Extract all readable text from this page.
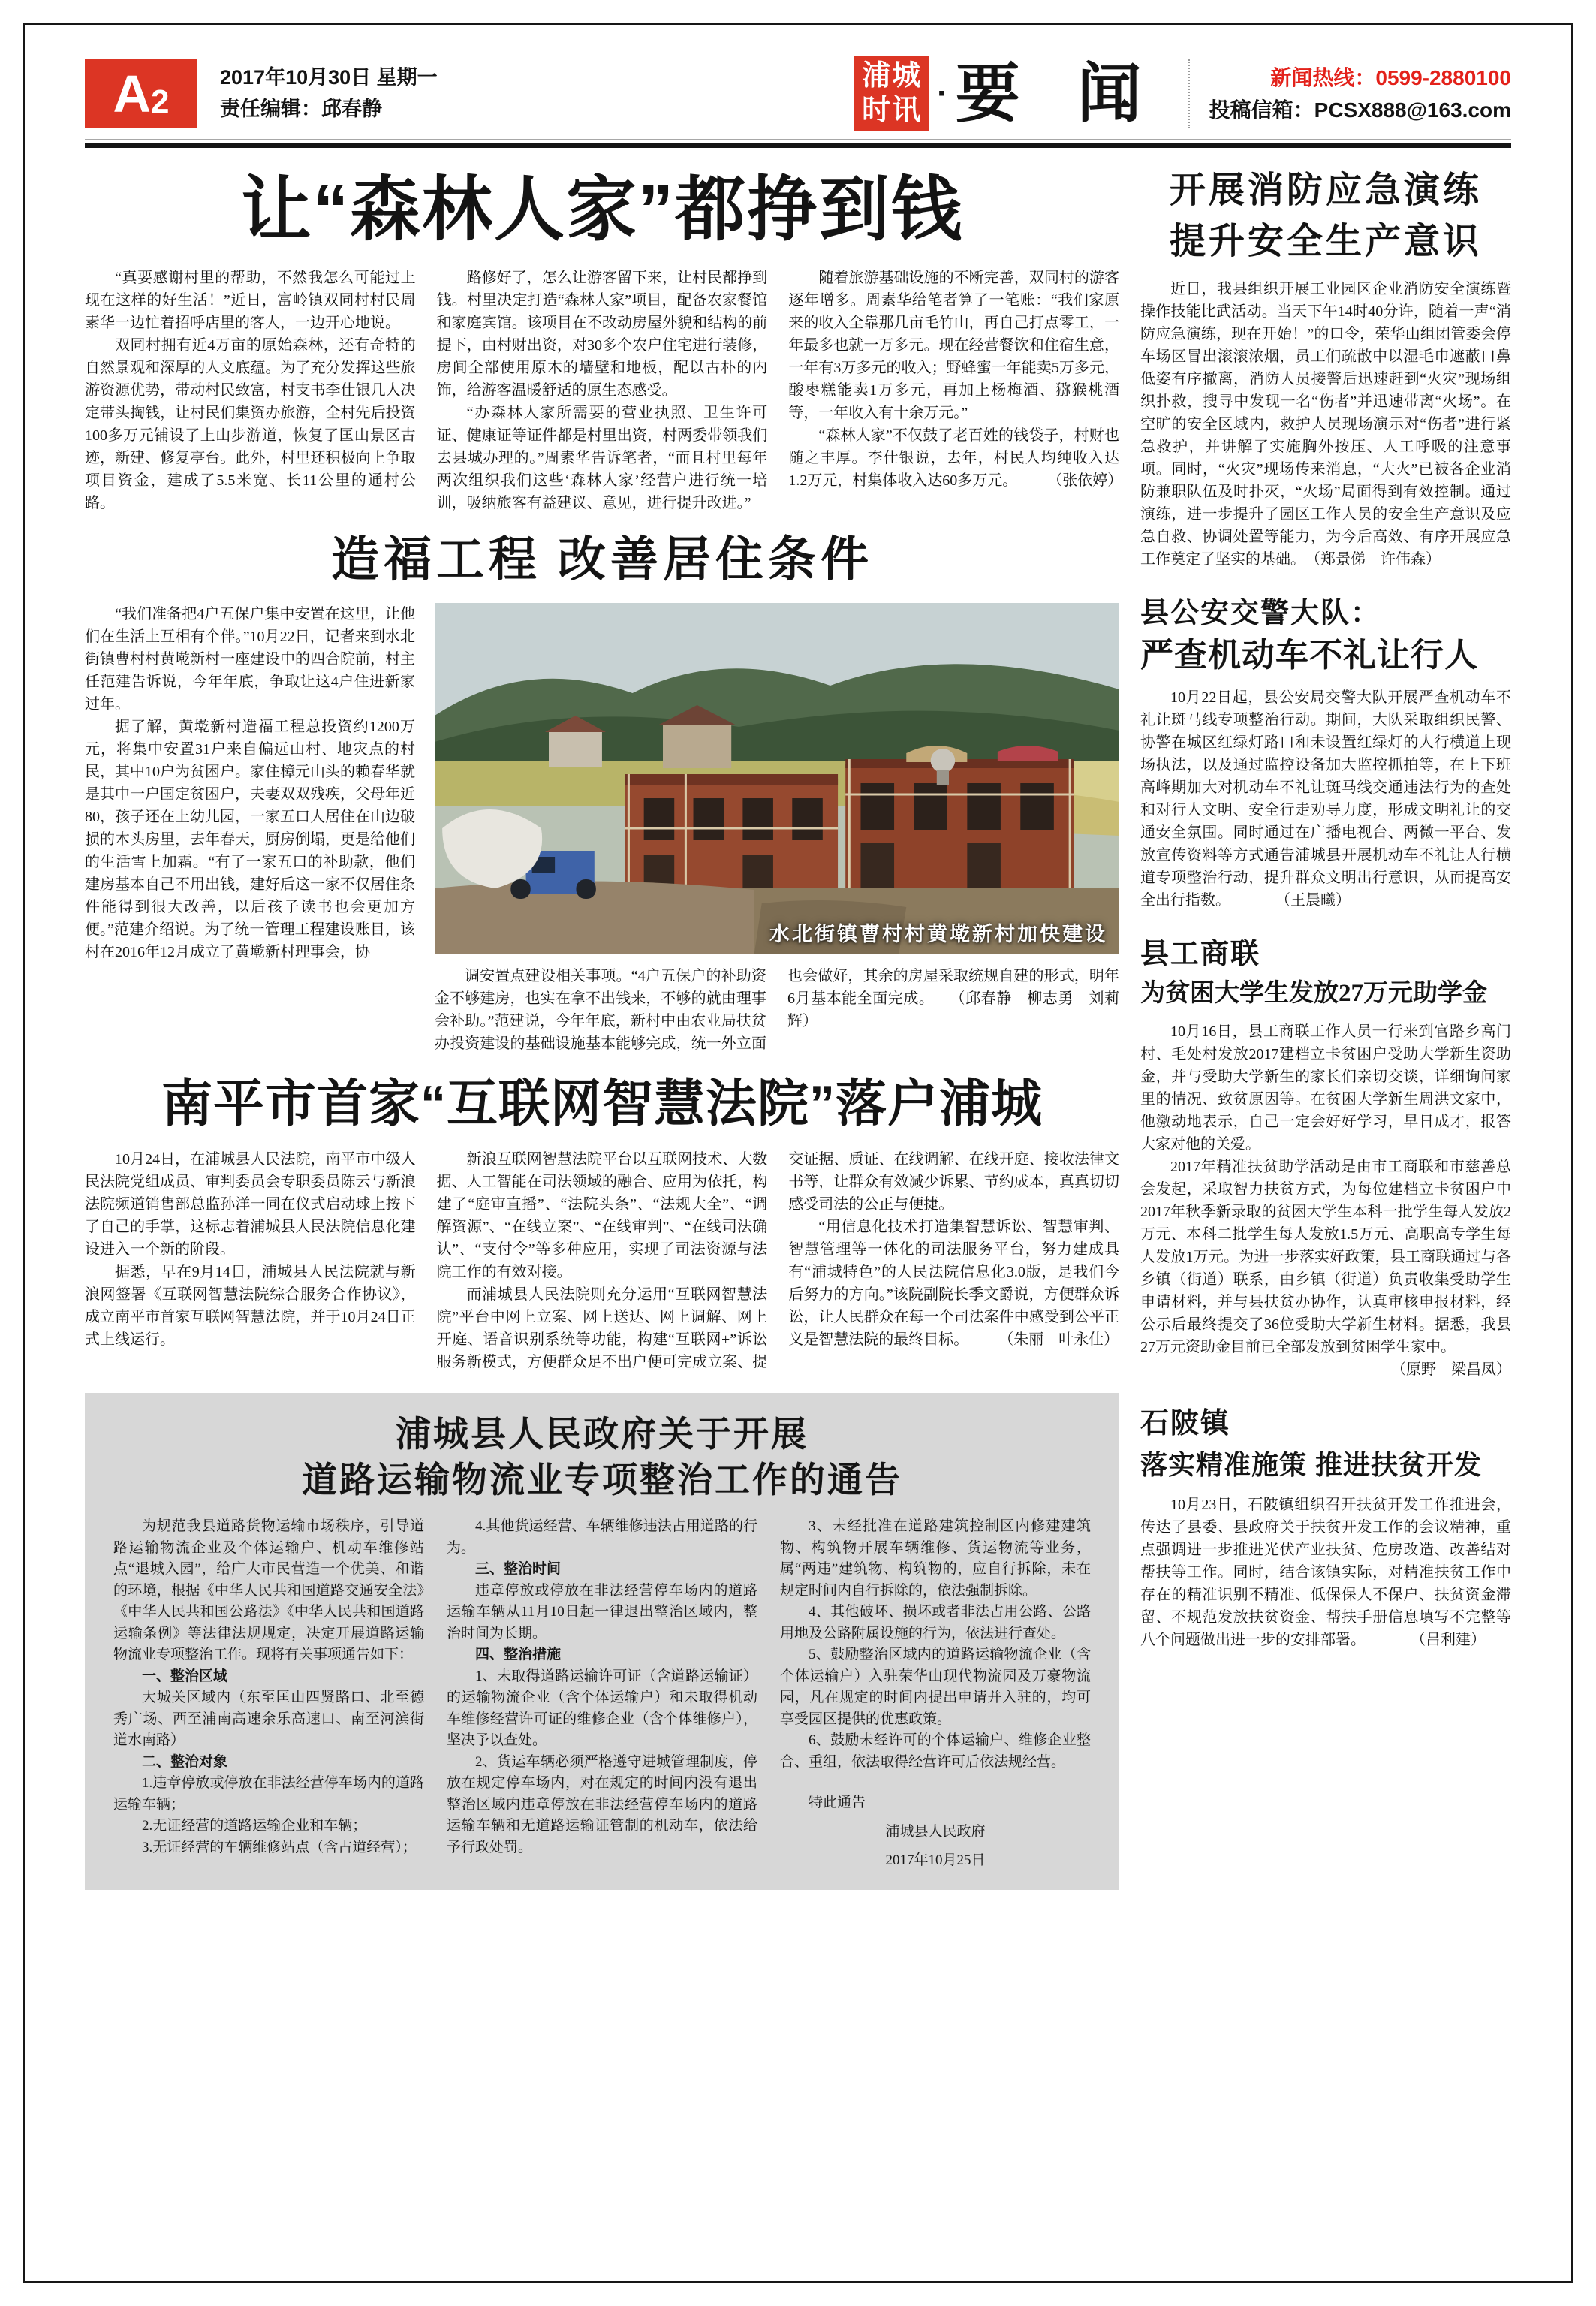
A 2
2017年10月30日 星期一
责任编辑：邱春静
浦城
时讯 · 要 闻	新闻热线：0599-2880100
投稿信箱：PCSX888@163.com
让“森林人家”都挣到钱

“真要感谢村里的帮助，不然我怎么可能过上现在这样的好生活！”近日，富岭镇双同村村民周素华一边忙着招呼店里的客人，一边开心地说。

双同村拥有近4万亩的原始森林，还有奇特的自然景观和深厚的人文底蕴。为了充分发挥这些旅游资源优势，带动村民致富，村支书李仕银几人决定带头掏钱，让村民们集资办旅游，全村先后投资100多万元铺设了上山步游道，恢复了匡山景区古迹，新建、修复亭台。此外，村里还积极向上争取项目资金，建成了5.5米宽、长11公里的通村公路。

路修好了，怎么让游客留下来，让村民都挣到钱。村里决定打造“森林人家”项目，配备农家餐馆和家庭宾馆。该项目在不改动房屋外貌和结构的前提下，由村财出资，对30多个农户住宅进行装修，房间全部使用原木的墙壁和地板，配以古朴的内饰，给游客温暖舒适的原生态感受。

“办森林人家所需要的营业执照、卫生许可证、健康证等证件都是村里出资，村两委带领我们去县城办理的。”周素华告诉笔者，“而且村里每年两次组织我们这些‘森林人家’经营户进行统一培训，吸纳旅客有益建议、意见，进行提升改进。”

随着旅游基础设施的不断完善，双同村的游客逐年增多。周素华给笔者算了一笔账：“我们家原来的收入全靠那几亩毛竹山，再自己打点零工，一年最多也就一万多元。现在经营餐饮和住宿生意，一年有3万多元的收入；野蜂蜜一年能卖5万多元，酸枣糕能卖1万多元，再加上杨梅酒、猕猴桃酒等，一年收入有十余万元。”

“森林人家”不仅鼓了老百姓的钱袋子，村财也随之丰厚。李仕银说，去年，村民人均纯收入达1.2万元，村集体收入达60多万元。　　　（张依婷）

造福工程 改善居住条件

“我们准备把4户五保户集中安置在这里，让他们在生活上互相有个伴。”10月22日，记者来到水北街镇曹村村黄墘新村一座建设中的四合院前，村主任范建告诉说，今年年底，争取让这4户住进新家过年。

据了解，黄墘新村造福工程总投资约1200万元，将集中安置31户来自偏远山村、地灾点的村民，其中10户为贫困户。家住樟元山头的赖春华就是其中一户国定贫困户，夫妻双双残疾，父母年近80，孩子还在上幼儿园，一家五口人居住在山边破损的木头房里，去年春天，厨房倒塌，更是给他们的生活雪上加霜。“有了一家五口的补助款，他们建房基本自己不用出钱，建好后这一家不仅居住条件能得到很大改善，以后孩子读书也会更加方便。”范建介绍说。为了统一管理工程建设账目，该村在2016年12月成立了黄墘新村理事会，协

水北街镇曹村村黄墘新村加快建设

调安置点建设相关事项。“4户五保户的补助资金不够建房，也实在拿不出钱来，不够的就由理事会补助。”范建说，今年年底，新村中由农业局扶贫办投资建设的基础设施基本能够完成，统一外立面也会做好，其余的房屋采取统规自建的形式，明年6月基本能全面完成。　　（邱春静　柳志勇　刘莉辉）

南平市首家“互联网智慧法院”落户浦城

10月24日，在浦城县人民法院，南平市中级人民法院党组成员、审判委员会专职委员陈云与新浪法院频道销售部总监孙洋一同在仪式启动球上按下了自己的手掌，这标志着浦城县人民法院信息化建设进入一个新的阶段。

据悉，早在9月14日，浦城县人民法院就与新浪网签署《互联网智慧法院综合服务合作协议》，成立南平市首家互联网智慧法院，并于10月24日正式上线运行。

新浪互联网智慧法院平台以互联网技术、大数据、人工智能在司法领域的融合、应用为依托，构建了“庭审直播”、“法院头条”、“法规大全”、“调解资源”、“在线立案”、“在线审判”、“在线司法确认”、“支付令”等多种应用，实现了司法资源与法院工作的有效对接。

而浦城县人民法院则充分运用“互联网智慧法院”平台中网上立案、网上送达、网上调解、网上开庭、语音识别系统等功能，构建“互联网+”诉讼服务新模式，方便群众足不出户便可完成立案、提交证据、质证、在线调解、在线开庭、接收法律文书等，让群众有效减少诉累、节约成本，真真切切感受司法的公正与便捷。

“用信息化技术打造集智慧诉讼、智慧审判、智慧管理等一体化的司法服务平台，努力建成具有“浦城特色”的人民法院信息化3.0版，是我们今后努力的方向。”该院副院长季文爵说，方便群众诉讼，让人民群众在每一个司法案件中感受到公平正义是智慧法院的最终目标。　　　（朱丽　叶永仕）

浦城县人民政府关于开展
道路运输物流业专项整治工作的通告

为规范我县道路货物运输市场秩序，引导道路运输物流企业及个体运输户、机动车维修站点“退城入园”，给广大市民营造一个优美、和谐的环境，根据《中华人民共和国道路交通安全法》《中华人民共和国公路法》《中华人民共和国道路运输条例》等法律法规规定，决定开展道路运输物流业专项整治工作。现将有关事项通告如下：

一、整治区域

大城关区域内（东至匡山四贤路口、北至德秀广场、西至浦南高速余乐高速口、南至河滨街道水南路）

二、整治对象

1.违章停放或停放在非法经营停车场内的道路运输车辆；

2.无证经营的道路运输企业和车辆；

3.无证经营的车辆维修站点（含占道经营）；

4.其他货运经营、车辆维修违法占用道路的行为。

三、整治时间

违章停放或停放在非法经营停车场内的道路运输车辆从11月10日起一律退出整治区域内，整治时间为长期。

四、整治措施

1、未取得道路运输许可证（含道路运输证）的运输物流企业（含个体运输户）和未取得机动车维修经营许可证的维修企业（含个体维修户），坚决予以查处。

2、货运车辆必须严格遵守进城管理制度，停放在规定停车场内，对在规定的时间内没有退出整治区域内违章停放在非法经营停车场内的道路运输车辆和无道路运输证管制的机动车，依法给予行政处罚。

3、未经批准在道路建筑控制区内修建建筑物、构筑物开展车辆维修、货运物流等业务，属“两违”建筑物、构筑物的，应自行拆除，未在规定时间内自行拆除的，依法强制拆除。

4、其他破坏、损坏或者非法占用公路、公路用地及公路附属设施的行为，依法进行查处。

5、鼓励整治区域内的道路运输物流企业（含个体运输户）入驻荣华山现代物流园及万豪物流园，凡在规定的时间内提出申请并入驻的，均可享受园区提供的优惠政策。

6、鼓励未经许可的个体运输户、维修企业整合、重组，依法取得经营许可后依法规经营。

特此通告

浦城县人民政府

2017年10月25日

开展消防应急演练
提升安全生产意识

近日，我县组织开展工业园区企业消防安全演练暨操作技能比武活动。当天下午14时40分许，随着一声“消防应急演练，现在开始！”的口令，荣华山组团管委会停车场区冒出滚滚浓烟，员工们疏散中以湿毛巾遮蔽口鼻低姿有序撤离，消防人员接警后迅速赶到“火灾”现场组织扑救，搜寻中发现一名“伤者”并迅速带离“火场”。在空旷的安全区域内，救护人员现场演示对“伤者”进行紧急救护，并讲解了实施胸外按压、人工呼吸的注意事项。同时，“火灾”现场传来消息，“大火”已被各企业消防兼职队伍及时扑灭，“火场”局面得到有效控制。通过演练，进一步提升了园区工作人员的安全生产意识及应急自救、协调处置等能力，为今后高效、有序开展应急工作奠定了坚实的基础。　（郑景俤　许伟森）

县公安交警大队：
严查机动车不礼让行人

10月22日起，县公安局交警大队开展严查机动车不礼让斑马线专项整治行动。期间，大队采取组织民警、协警在城区红绿灯路口和未设置红绿灯的人行横道上现场执法，以及通过监控设备加大监控抓拍等，在上下班高峰期加大对机动车不礼让斑马线交通违法行为的查处和对行人文明、安全行走劝导力度，形成文明礼让的交通安全氛围。同时通过在广播电视台、两微一平台、发放宣传资料等方式通告浦城县开展机动车不礼让人行横道专项整治行动，提升群众文明出行意识，从而提高安全出行指数。　　　　（王晨曦）

县工商联
为贫困大学生发放27万元助学金

10月16日，县工商联工作人员一行来到官路乡高门村、毛处村发放2017建档立卡贫困户受助大学新生资助金，并与受助大学新生的家长们亲切交谈，详细询问家里的情况、致贫原因等。在贫困大学新生周洪文家中，他激动地表示，自己一定会好好学习，早日成才，报答大家对他的关爱。

2017年精准扶贫助学活动是由市工商联和市慈善总会发起，采取智力扶贫方式，为每位建档立卡贫困户中2017年秋季新录取的贫困大学生本科一批学生每人发放2万元、本科二批学生每人发放1.5万元、高职高专学生每人发放1万元。为进一步落实好政策，县工商联通过与各乡镇（街道）联系，由乡镇（街道）负责收集受助学生申请材料，并与县扶贫办协作，认真审核申报材料，经公示后最终提交了36位受助大学新生材料。据悉，我县27万元资助金目前已全部发放到贫困学生家中。

（原野　梁昌凤）

石陂镇
落实精准施策 推进扶贫开发

10月23日，石陂镇组织召开扶贫开发工作推进会，传达了县委、县政府关于扶贫开发工作的会议精神，重点强调进一步推进光伏产业扶贫、危房改造、改善结对帮扶等工作。同时，结合该镇实际，对精准扶贫工作中存在的精准识别不精准、低保保人不保户、扶贫资金滞留、不规范发放扶贫资金、帮扶手册信息填写不完整等八个问题做出进一步的安排部署。　　　　（吕利建）
